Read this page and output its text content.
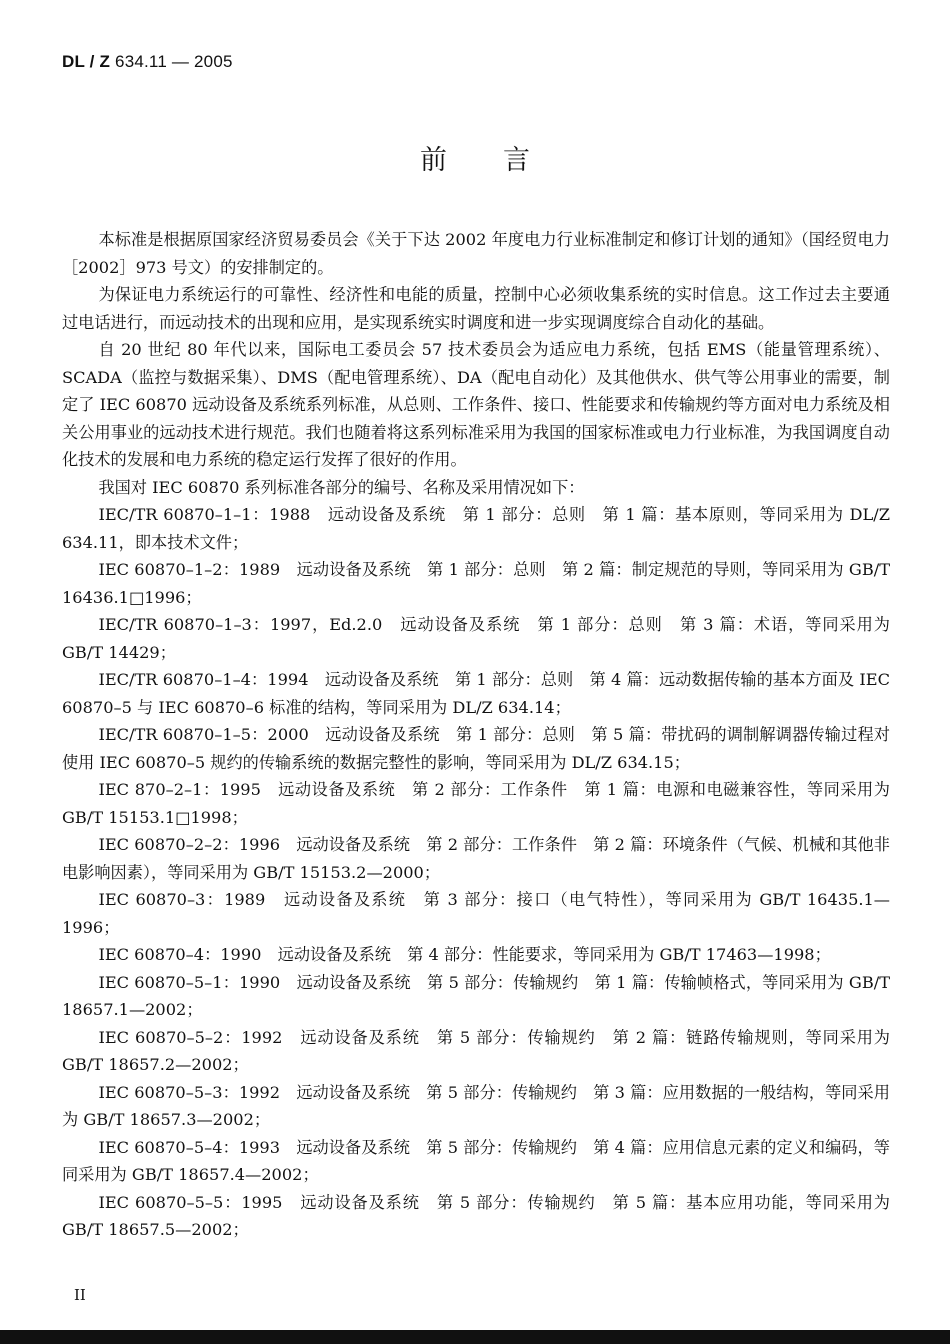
DL / Z 634.11 — 2005
前言

本标准是根据原国家经济贸易委员会《关于下达 2002 年度电力行业标准制定和修订计划的通知》（国经贸电力［2002］973 号文）的安排制定的。

为保证电力系统运行的可靠性、经济性和电能的质量，控制中心必须收集系统的实时信息。这工作过去主要通过电话进行，而远动技术的出现和应用，是实现系统实时调度和进一步实现调度综合自动化的基础。

自 20 世纪 80 年代以来，国际电工委员会 57 技术委员会为适应电力系统，包括 EMS（能量管理系统）、SCADA（监控与数据采集）、DMS（配电管理系统）、DA（配电自动化）及其他供水、供气等公用事业的需要，制定了 IEC 60870 远动设备及系统系列标准，从总则、工作条件、接口、性能要求和传输规约等方面对电力系统及相关公用事业的远动技术进行规范。我们也随着将这系列标准采用为我国的国家标准或电力行业标准，为我国调度自动化技术的发展和电力系统的稳定运行发挥了很好的作用。

我国对 IEC 60870 系列标准各部分的编号、名称及采用情况如下：

IEC/TR 60870–1–1：1988　远动设备及系统　第 1 部分：总则　第 1 篇：基本原则，等同采用为 DL/Z 634.11，即本技术文件；

IEC 60870–1–2：1989　远动设备及系统　第 1 部分：总则　第 2 篇：制定规范的导则，等同采用为 GB/T 16436.1□1996；

IEC/TR 60870–1–3：1997，Ed.2.0　远动设备及系统　第 1 部分：总则　第 3 篇：术语，等同采用为 GB/T 14429；

IEC/TR 60870–1–4：1994　远动设备及系统　第 1 部分：总则　第 4 篇：远动数据传输的基本方面及 IEC 60870–5 与 IEC 60870–6 标准的结构，等同采用为 DL/Z 634.14；

IEC/TR 60870–1–5：2000　远动设备及系统　第 1 部分：总则　第 5 篇：带扰码的调制解调器传输过程对使用 IEC 60870–5 规约的传输系统的数据完整性的影响，等同采用为 DL/Z 634.15；

IEC 870–2–1：1995　远动设备及系统　第 2 部分：工作条件　第 1 篇：电源和电磁兼容性，等同采用为 GB/T 15153.1□1998；

IEC 60870–2–2：1996　远动设备及系统　第 2 部分：工作条件　第 2 篇：环境条件（气候、机械和其他非电影响因素），等同采用为 GB/T 15153.2—2000；

IEC 60870–3：1989　远动设备及系统　第 3 部分：接口（电气特性），等同采用为 GB/T 16435.1—1996；

IEC 60870–4：1990　远动设备及系统　第 4 部分：性能要求，等同采用为 GB/T 17463—1998；

IEC 60870–5–1：1990　远动设备及系统　第 5 部分：传输规约　第 1 篇：传输帧格式，等同采用为 GB/T 18657.1—2002；

IEC 60870–5–2：1992　远动设备及系统　第 5 部分：传输规约　第 2 篇：链路传输规则，等同采用为 GB/T 18657.2—2002；

IEC 60870–5–3：1992　远动设备及系统　第 5 部分：传输规约　第 3 篇：应用数据的一般结构，等同采用为 GB/T 18657.3—2002；

IEC 60870–5–4：1993　远动设备及系统　第 5 部分：传输规约　第 4 篇：应用信息元素的定义和编码，等同采用为 GB/T 18657.4—2002；

IEC 60870–5–5：1995　远动设备及系统　第 5 部分：传输规约　第 5 篇：基本应用功能，等同采用为 GB/T 18657.5—2002；

II
